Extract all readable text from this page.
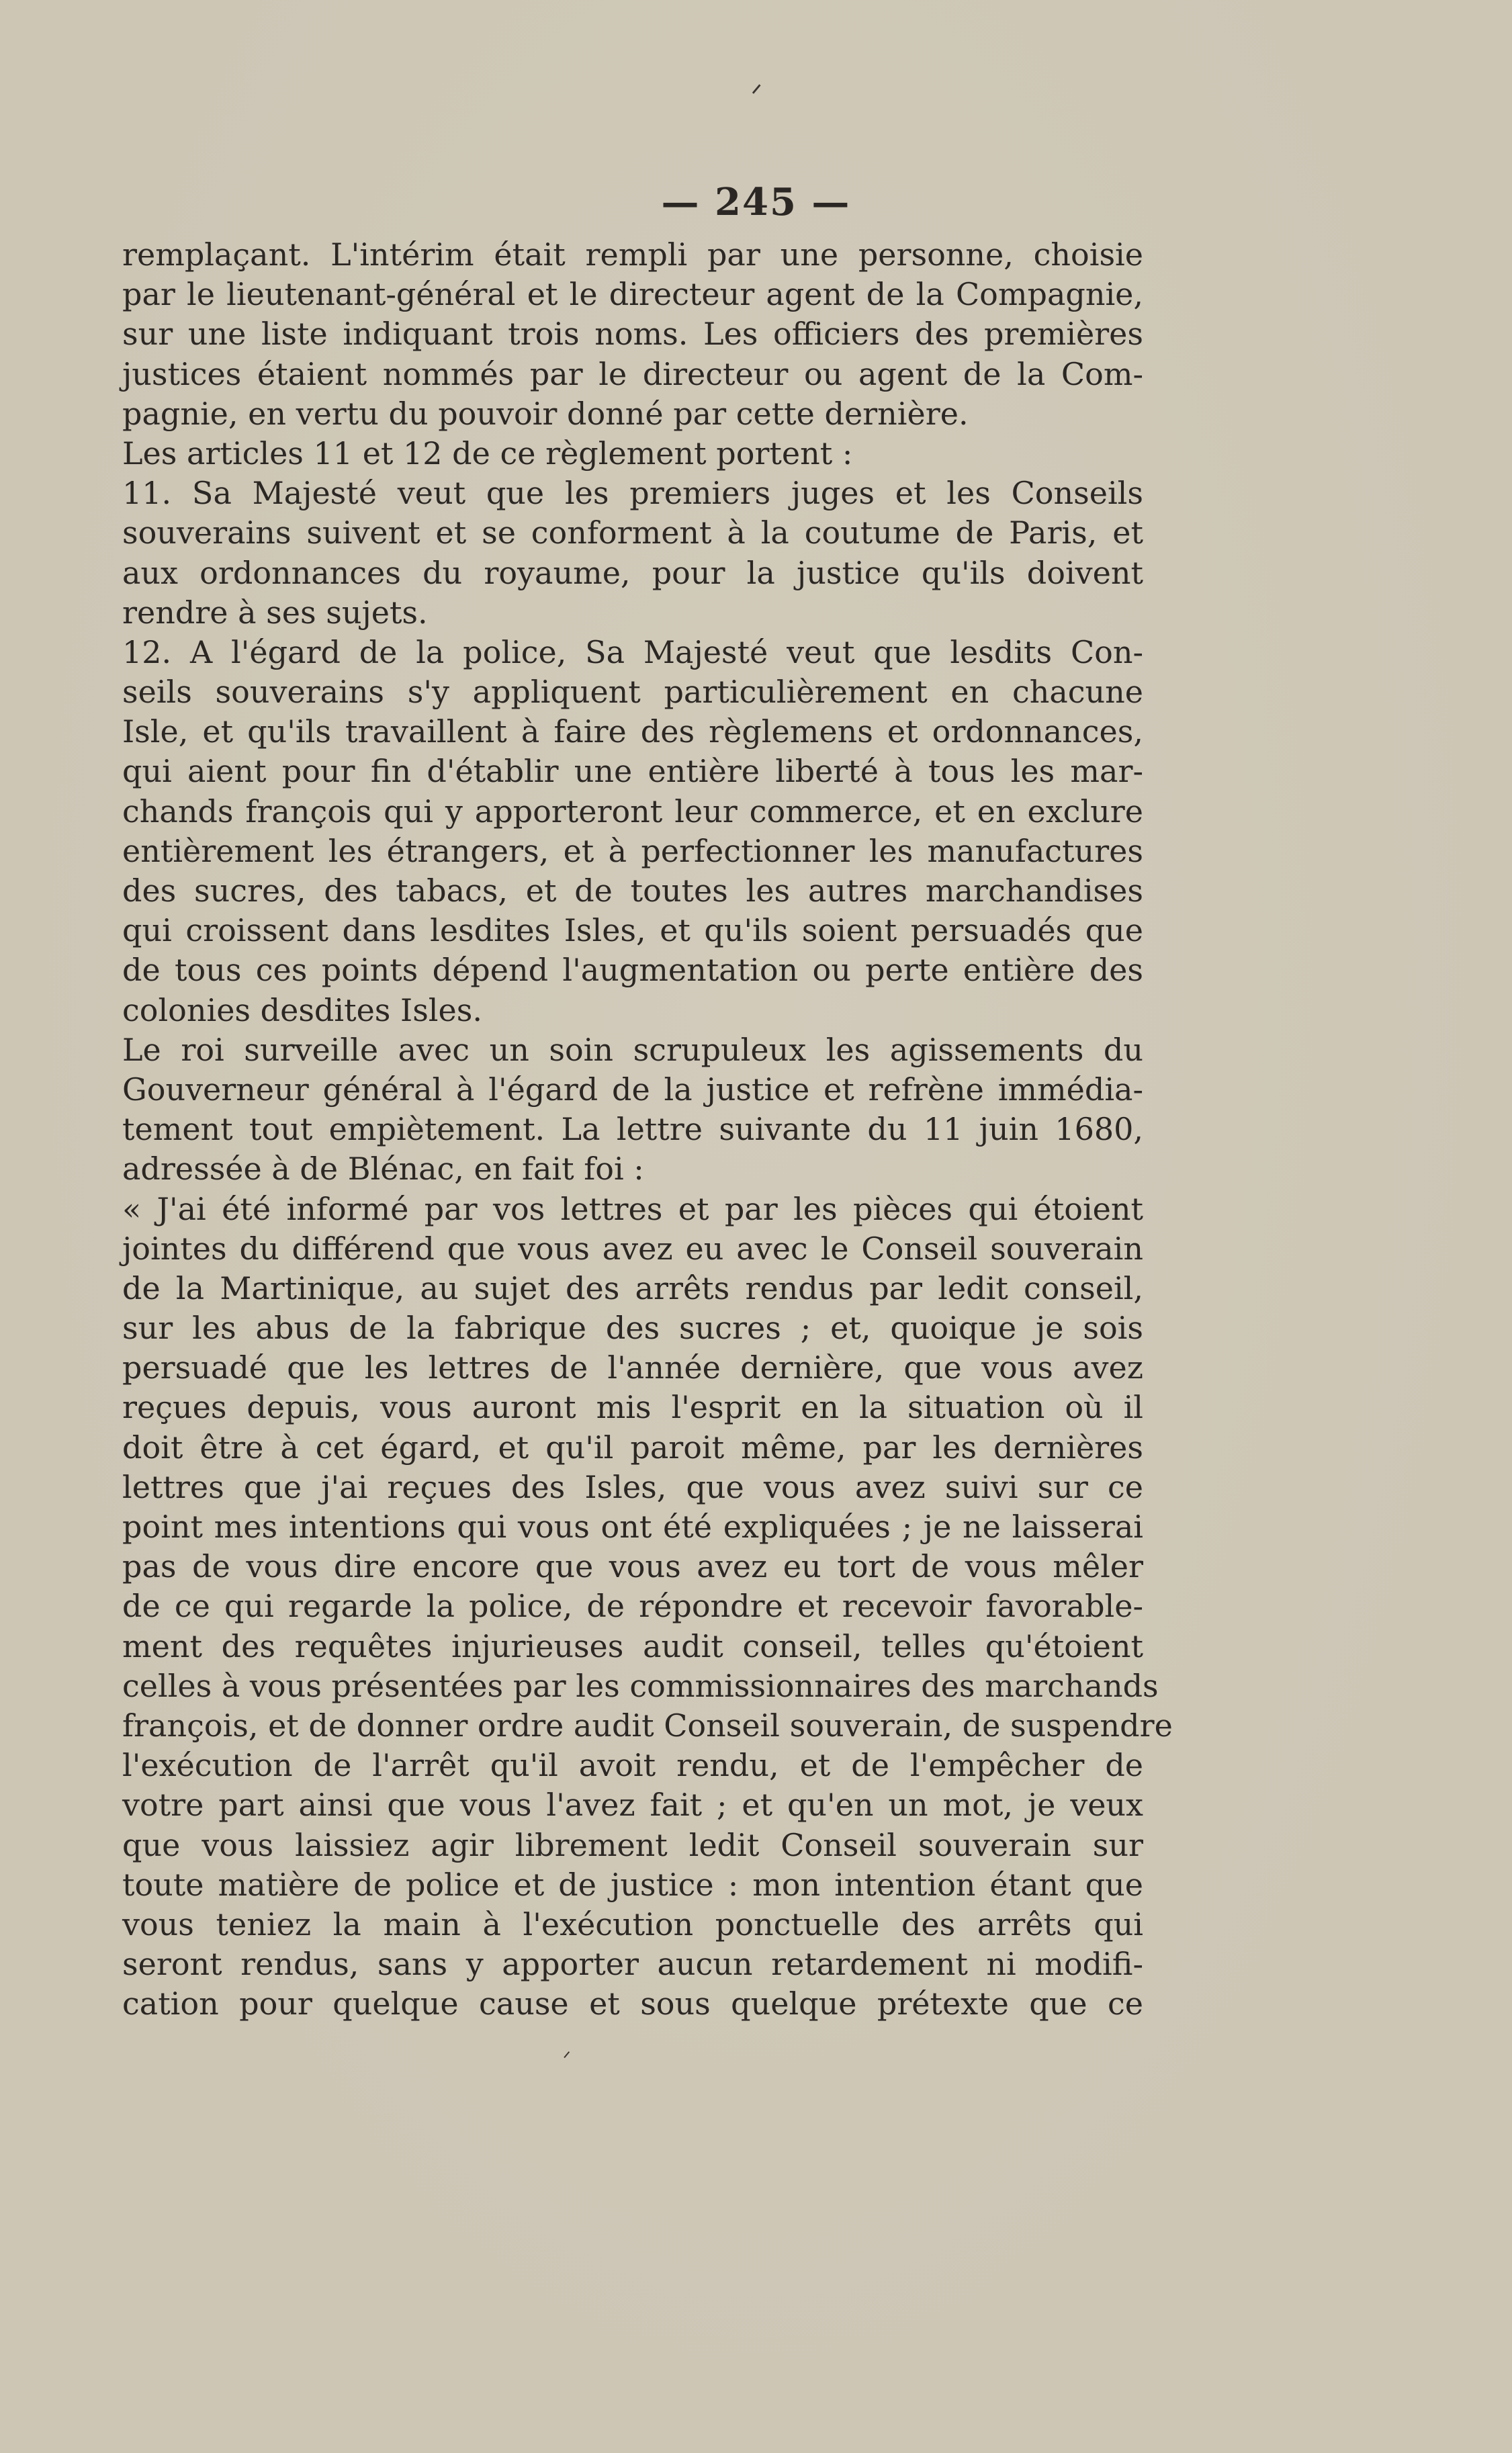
ᐟ
ᐟ
— 245 —
remplaçant. L'intérim était rempli par une personne, choisie
par le lieutenant-général et le directeur agent de la Compagnie,
sur une liste indiquant trois noms. Les officiers des premières
justices étaient nommés par le directeur ou agent de la Com-
pagnie, en vertu du pouvoir donné par cette dernière.
Les articles 11 et 12 de ce règlement portent :
11. Sa Majesté veut que les premiers juges et les Conseils
souverains suivent et se conforment à la coutume de Paris, et
aux ordonnances du royaume, pour la justice qu'ils doivent
rendre à ses sujets.
12. A l'égard de la police, Sa Majesté veut que lesdits Con-
seils souverains s'y appliquent particulièrement en chacune
Isle, et qu'ils travaillent à faire des règlemens et ordonnances,
qui aient pour fin d'établir une entière liberté à tous les mar-
chands françois qui y apporteront leur commerce, et en exclure
entièrement les étrangers, et à perfectionner les manufactures
des sucres, des tabacs, et de toutes les autres marchandises
qui croissent dans lesdites Isles, et qu'ils soient persuadés que
de tous ces points dépend l'augmentation ou perte entière des
colonies desdites Isles.
Le roi surveille avec un soin scrupuleux les agissements du
Gouverneur général à l'égard de la justice et refrène immédia-
tement tout empiètement. La lettre suivante du 11 juin 1680,
adressée à de Blénac, en fait foi :
« J'ai été informé par vos lettres et par les pièces qui étoient
jointes du différend que vous avez eu avec le Conseil souverain
de la Martinique, au sujet des arrêts rendus par ledit conseil,
sur les abus de la fabrique des sucres ; et, quoique je sois
persuadé que les lettres de l'année dernière, que vous avez
reçues depuis, vous auront mis l'esprit en la situation où il
doit être à cet égard, et qu'il paroit même, par les dernières
lettres que j'ai reçues des Isles, que vous avez suivi sur ce
point mes intentions qui vous ont été expliquées ; je ne laisserai
pas de vous dire encore que vous avez eu tort de vous mêler
de ce qui regarde la police, de répondre et recevoir favorable-
ment des requêtes injurieuses audit conseil, telles qu'étoient
celles à vous présentées par les commissionnaires des marchands
françois, et de donner ordre audit Conseil souverain, de suspendre
l'exécution de l'arrêt qu'il avoit rendu, et de l'empêcher de
votre part ainsi que vous l'avez fait ; et qu'en un mot, je veux
que vous laissiez agir librement ledit Conseil souverain sur
toute matière de police et de justice : mon intention étant que
vous teniez la main à l'exécution ponctuelle des arrêts qui
seront rendus, sans y apporter aucun retardement ni modifi-
cation pour quelque cause et sous quelque prétexte que ce
